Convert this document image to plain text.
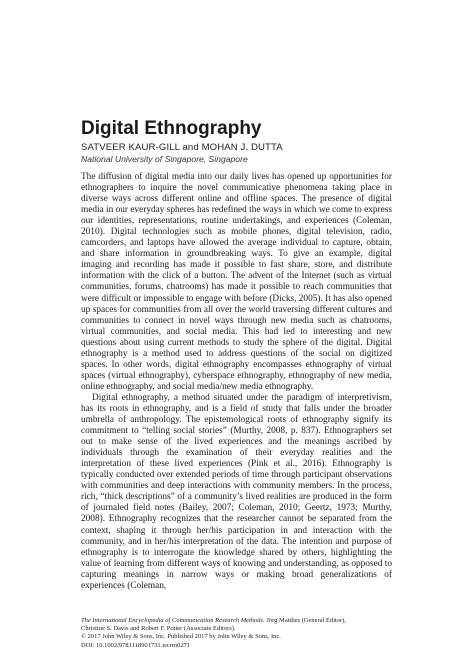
Digital Ethnography
SATVEER KAUR-GILL and MOHAN J. DUTTA
National University of Singapore, Singapore

The diffusion of digital media into our daily lives has opened up opportunities for ethnographers to inquire the novel communicative phenomena taking place in diverse ways across different online and offline spaces. The presence of digital media in our everyday spheres has redefined the ways in which we come to express our identities, representations, routine undertakings, and experiences (Coleman, 2010). Digital technologies such as mobile phones, digital television, radio, camcorders, and laptops have allowed the average individual to capture, obtain, and share information in groundbreaking ways. To give an example, digital imaging and recording has made it possible to fast share, store, and distribute information with the click of a button. The advent of the Internet (such as virtual communities, forums, chatrooms) has made it possible to reach communities that were difficult or impossible to engage with before (Dicks, 2005). It has also opened up spaces for communities from all over the world traversing different cultures and communities to connect in novel ways through new media such as chatrooms, virtual communities, and social media. This had led to interesting and new questions about using current methods to study the sphere of the digital. Digital ethnography is a method used to address questions of the social on digitized spaces. In other words, digital ethnography encompasses ethnography of virtual spaces (virtual ethnography), cyberspace ethnography, ethnography of new media, online ethnography, and social media/new media ethnography.

Digital ethnography, a method situated under the paradigm of interpretivism, has its roots in ethnography, and is a field of study that falls under the broader umbrella of anthropology. The epistemological roots of ethnography signify its commitment to “telling social stories” (Murthy, 2008, p. 837). Ethnographers set out to make sense of the lived experiences and the meanings ascribed by individuals through the examination of their everyday realities and the interpretation of these lived experiences (Pink et al., 2016). Ethnography is typically conducted over extended periods of time through participant observations with communities and deep interactions with community members. In the process, rich, “thick descriptions” of a community’s lived realities are produced in the form of journaled field notes (Bailey, 2007; Coleman, 2010; Geertz, 1973; Murthy, 2008). Ethnography recognizes that the researcher cannot be separated from the context, shaping it through her/his participation in and interaction with the community, and in her/his interpretation of the data. The intention and purpose of ethnography is to interrogate the knowledge shared by others, highlighting the value of learning from different ways of knowing and understanding, as opposed to capturing meanings in narrow ways or making broad generalizations of experiences (Coleman,

The International Encyclopedia of Communication Research Methods. Jörg Matthes (General Editor),
Christine S. Davis and Robert F. Potter (Associate Editors).
© 2017 John Wiley & Sons, Inc. Published 2017 by John Wiley & Sons, Inc.
DOI: 10.1002/9781118901731.iecrm0271
